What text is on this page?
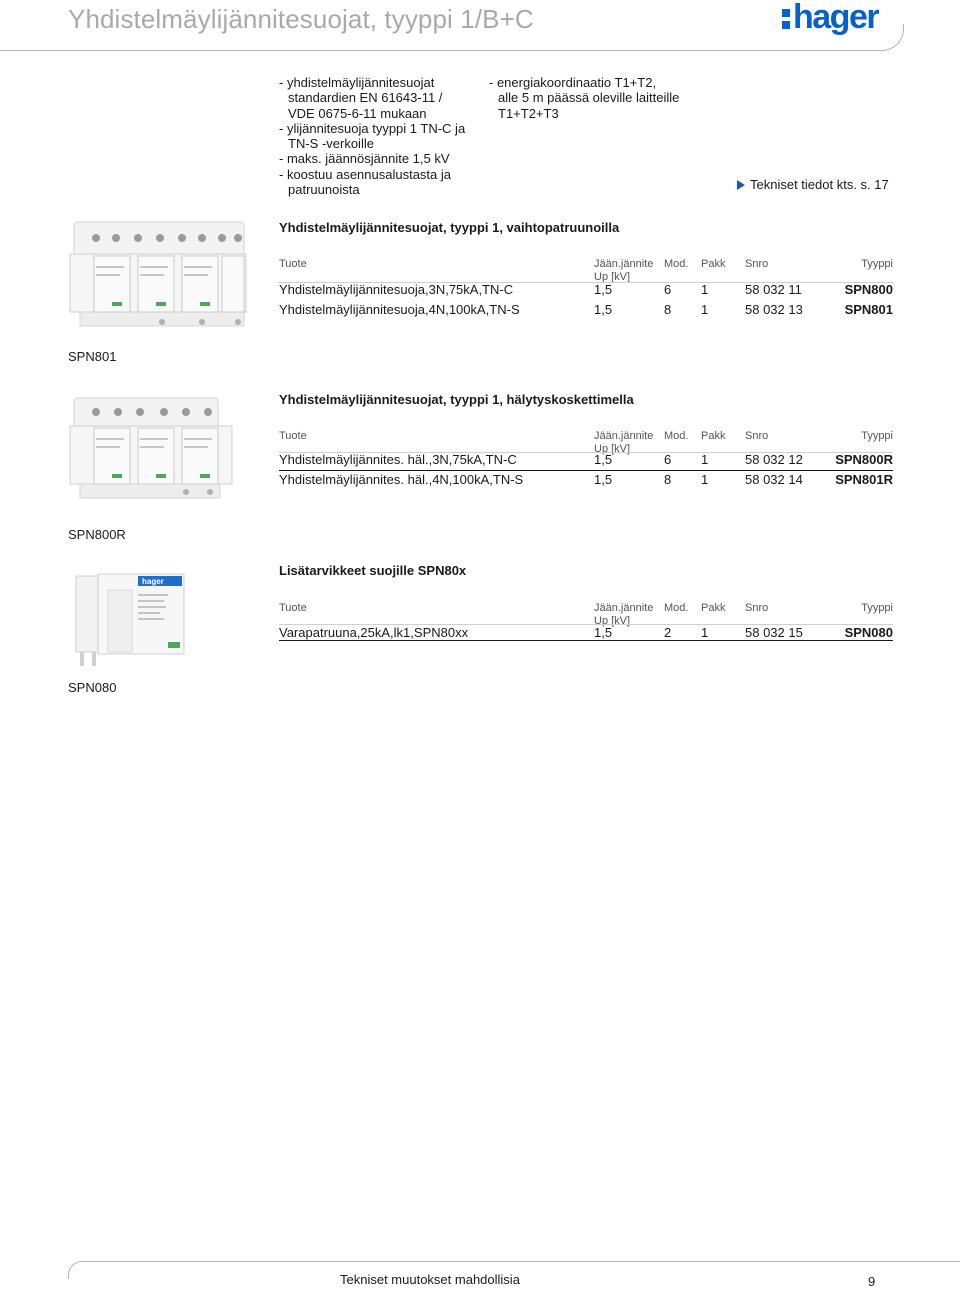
Yhdistelmäylijännitesuojat, tyyppi 1/B+C	hager
- yhdistelmäylijännitesuojat
standardien EN 61643-11 /
VDE 0675-6-11 mukaan
- ylijännitesuoja tyyppi 1 TN-C ja
TN-S -verkoille
- maks. jäännösjännite 1,5 kV
- koostuu asennusalustasta ja
patruunoista
- energiakoordinaatio T1+T2,
alle 5 m päässä oleville laitteille
T1+T2+T3
Tekniset tiedot kts. s. 17
Yhdistelmäylijännitesuojat, tyyppi 1, vaihtopatruunoilla
Tuote	Jään.jännite
Up [kV]
Mod. Pakk Snro	Tyyppi
Yhdistelmäylijännitesuoja,3N,75kA,TN-C	1,5	6 1	58 032 11	SPN800
Yhdistelmäylijännitesuoja,4N,100kA,TN-S	1,5	8 1	58 032 13	SPN801
SPN801
Yhdistelmäylijännitesuojat, tyyppi 1, hälytyskoskettimella
Tuote	Jään.jännite
Up [kV]
Mod. Pakk Snro	Tyyppi
Yhdistelmäylijännites. häl.,3N,75kA,TN-C	1,5	6 1	58 032 12 SPN800R
Yhdistelmäylijännites. häl.,4N,100kA,TN-S	1,5	8 1	58 032 14 SPN801R
SPN800R
hager
Lisätarvikkeet suojille SPN80x
Tuote	Jään.jännite
Up [kV]
Mod. Pakk Snro	Tyyppi
Varapatruuna,25kA,lk1,SPN80xx	1,5	2 1	58 032 15	SPN080
SPN080
Tekniset muutokset mahdollisia	9
